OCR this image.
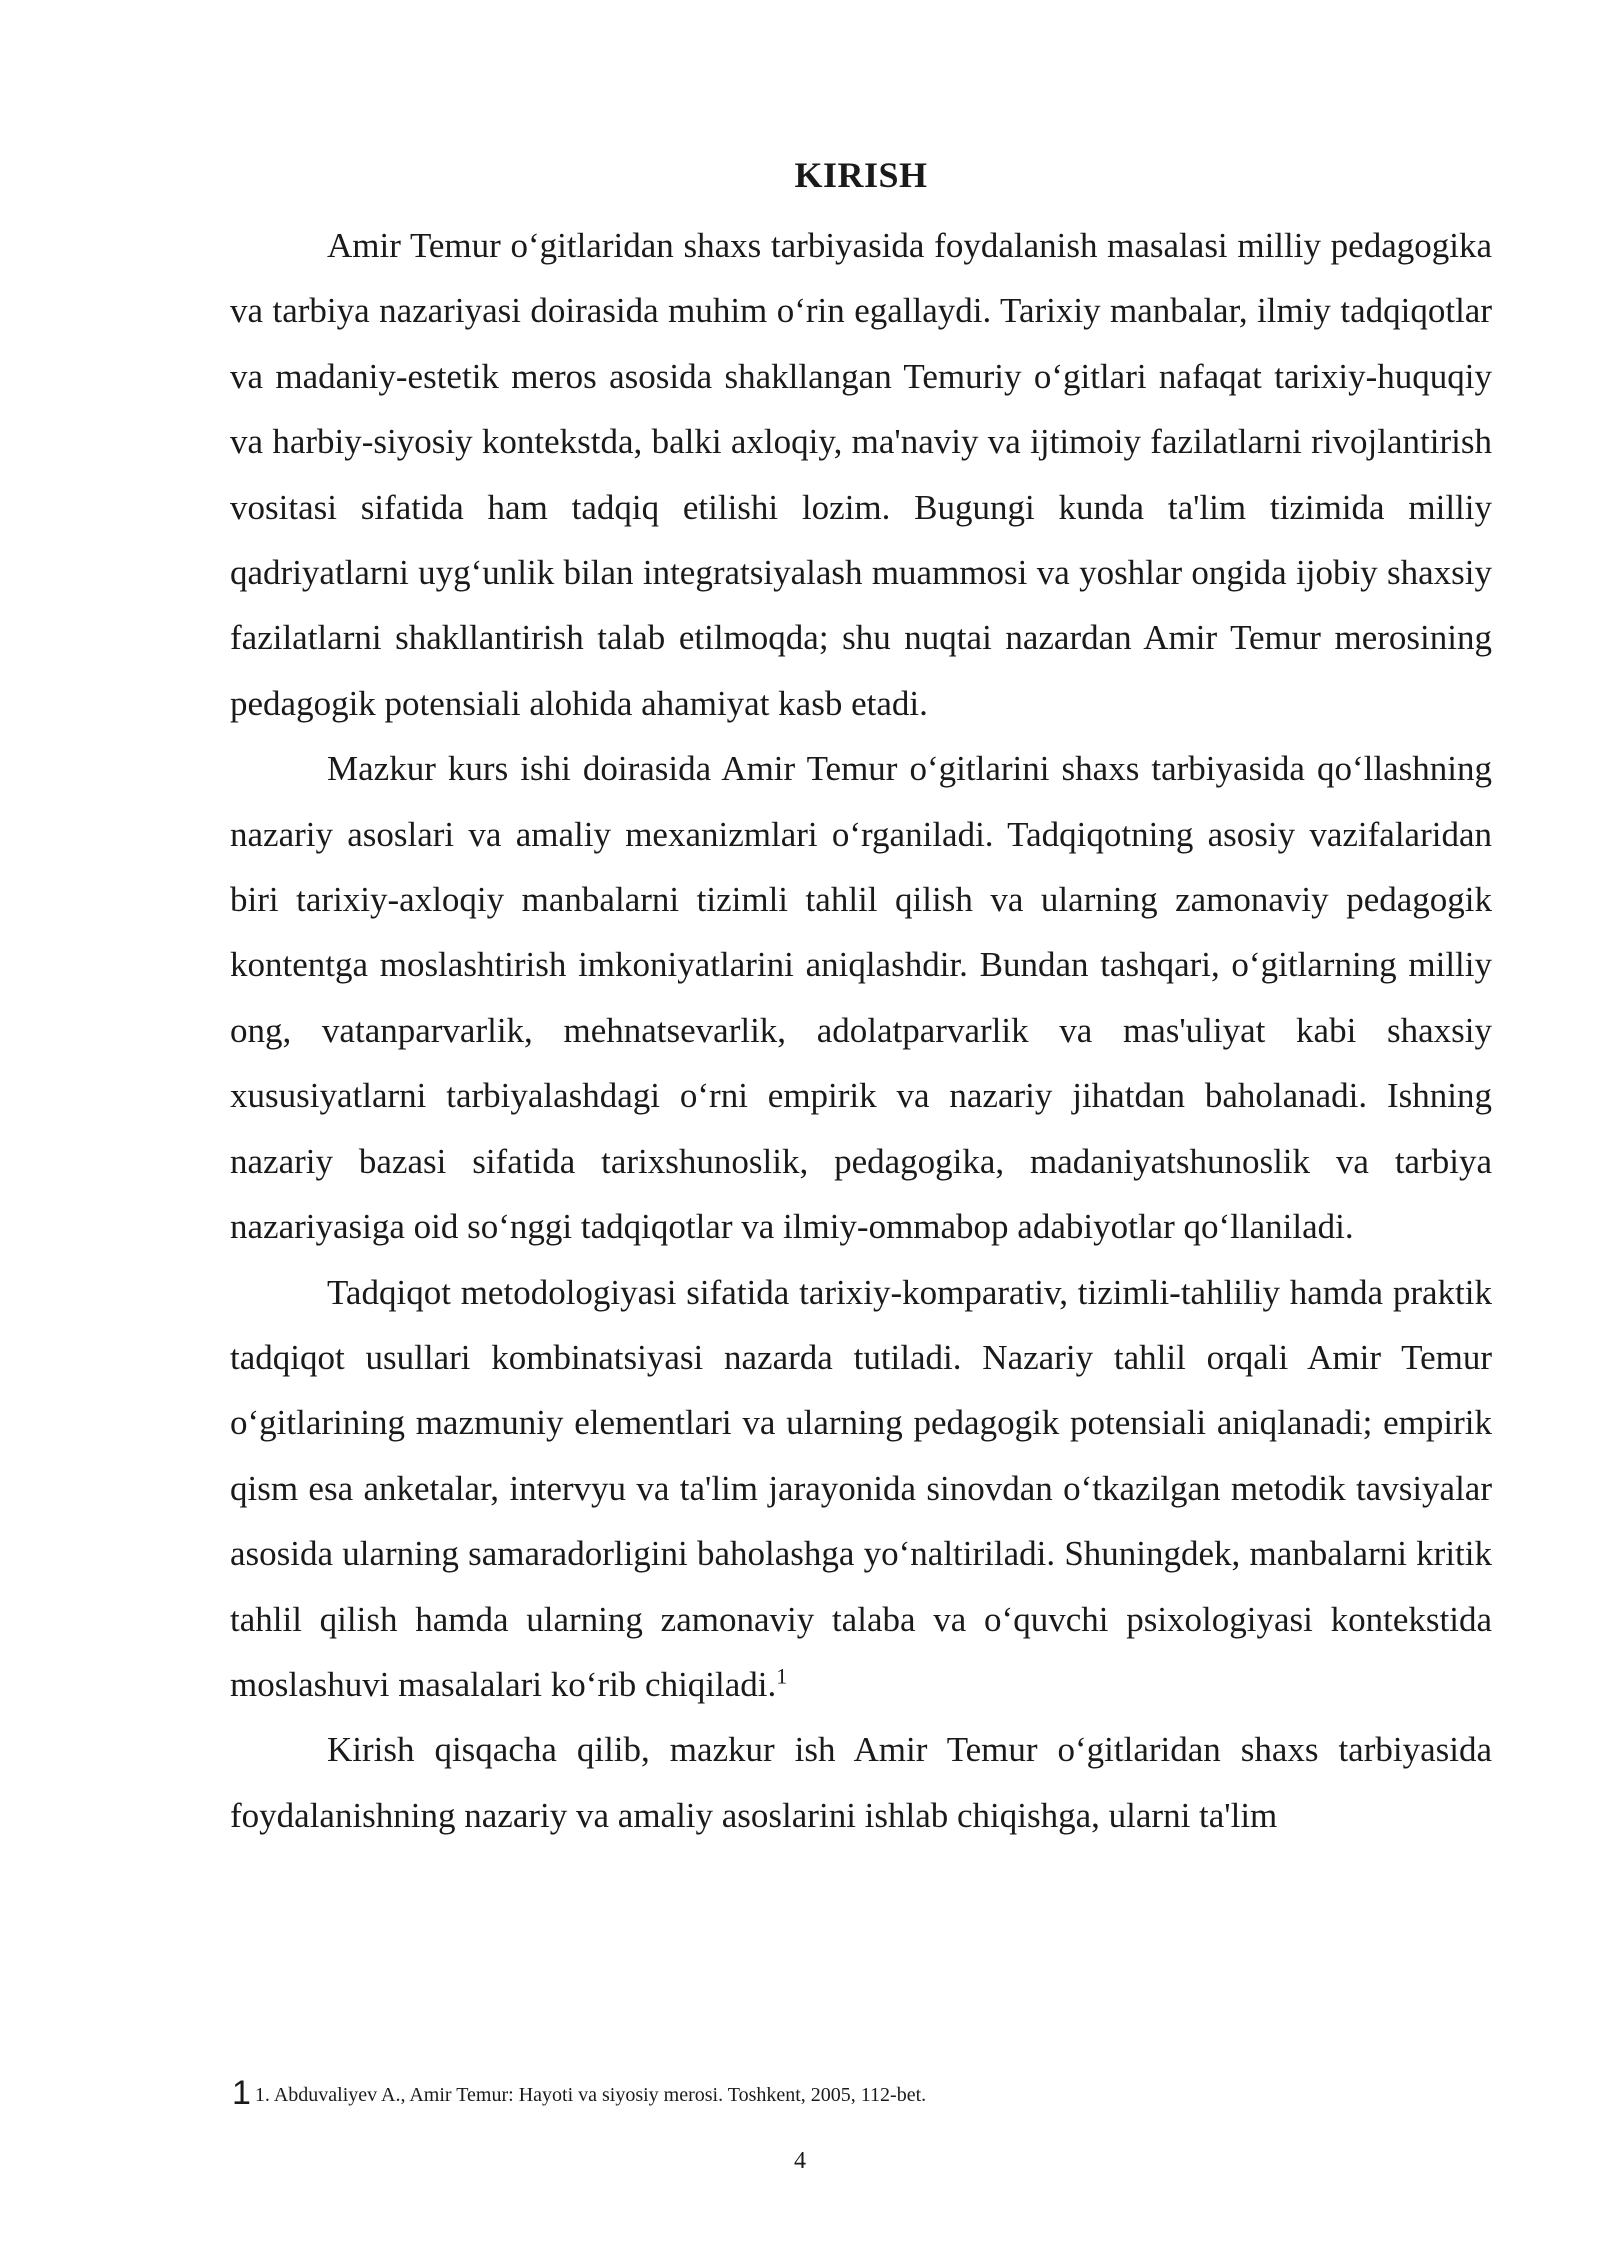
KIRISH

Amir Temur o‘gitlaridan shaxs tarbiyasida foydalanish masalasi milliy pedagogika va tarbiya nazariyasi doirasida muhim o‘rin egallaydi. Tarixiy manbalar, ilmiy tadqiqotlar va madaniy-estetik meros asosida shakllangan Temuriy o‘gitlari nafaqat tarixiy-huquqiy va harbiy-siyosiy kontekstda, balki axloqiy, ma'naviy va ijtimoiy fazilatlarni rivojlantirish vositasi sifatida ham tadqiq etilishi lozim. Bugungi kunda ta'lim tizimida milliy qadriyatlarni uyg‘unlik bilan integratsiyalash muammosi va yoshlar ongida ijobiy shaxsiy fazilatlarni shakllantirish talab etilmoqda; shu nuqtai nazardan Amir Temur merosining pedagogik potensiali alohida ahamiyat kasb etadi.

Mazkur kurs ishi doirasida Amir Temur o‘gitlarini shaxs tarbiyasida qo‘llashning nazariy asoslari va amaliy mexanizmlari o‘rganiladi. Tadqiqotning asosiy vazifalaridan biri tarixiy-axloqiy manbalarni tizimli tahlil qilish va ularning zamonaviy pedagogik kontentga moslashtirish imkoniyatlarini aniqlashdir. Bundan tashqari, o‘gitlarning milliy ong, vatanparvarlik, mehnatsevarlik, adolatparvarlik va mas'uliyat kabi shaxsiy xususiyatlarni tarbiyalashdagi o‘rni empirik va nazariy jihatdan baholanadi. Ishning nazariy bazasi sifatida tarixshunoslik, pedagogika, madaniyatshunoslik va tarbiya nazariyasiga oid so‘nggi tadqiqotlar va ilmiy-ommabop adabiyotlar qo‘llaniladi.

Tadqiqot metodologiyasi sifatida tarixiy-komparativ, tizimli-tahliliy hamda praktik tadqiqot usullari kombinatsiyasi nazarda tutiladi. Nazariy tahlil orqali Amir Temur o‘gitlarining mazmuniy elementlari va ularning pedagogik potensiali aniqlanadi; empirik qism esa anketalar, intervyu va ta'lim jarayonida sinovdan o‘tkazilgan metodik tavsiyalar asosida ularning samaradorligini baholashga yo‘naltiriladi. Shuningdek, manbalarni kritik tahlil qilish hamda ularning zamonaviy talaba va o‘quvchi psixologiyasi kontekstida moslashuvi masalalari ko‘rib chiqiladi.$^1$

Kirish qisqacha qilib, mazkur ish Amir Temur o‘gitlaridan shaxs tarbiyasida foydalanishning nazariy va amaliy asoslarini ishlab chiqishga, ularni ta'lim

1 1. Abduvaliyev A., Amir Temur: Hayoti va siyosiy merosi. Toshkent, 2005, 112-bet.
4
